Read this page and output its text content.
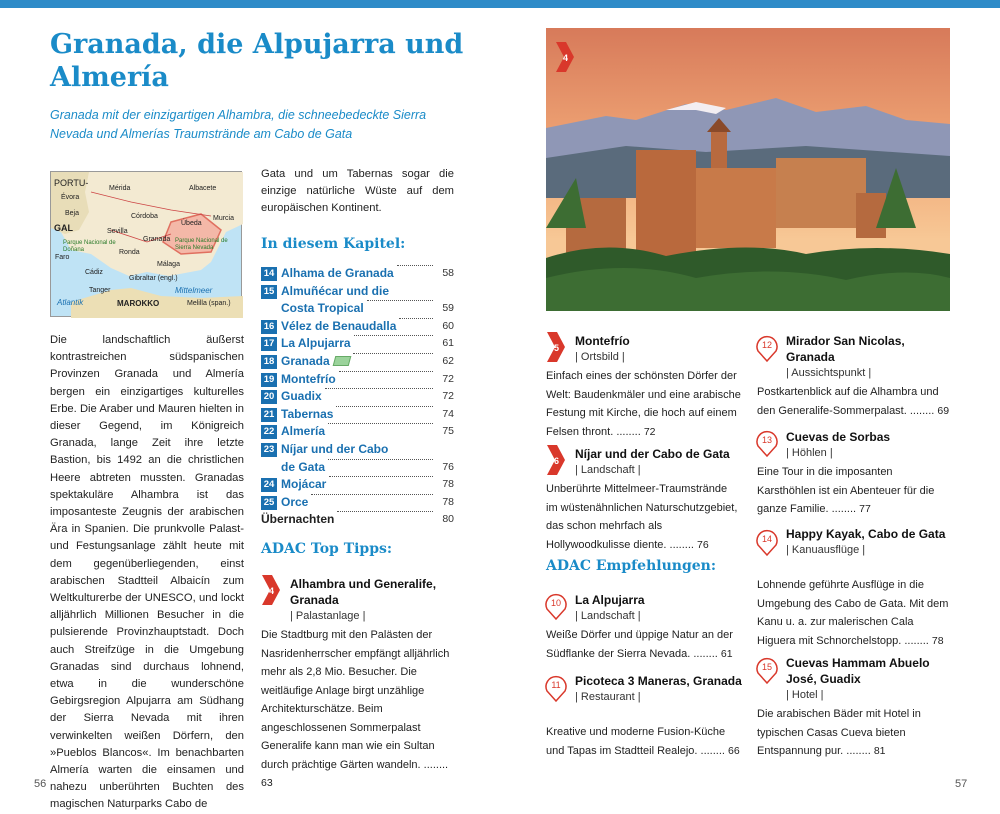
Granada, die Alpujarra und Almería

Granada mit der einzigartigen Alhambra, die schneebedeckte Sierra Nevada und Almerías Traumstrände am Cabo de Gata

PORTU-
Mérida	Albacete
Évora
Beja	Córdoba	Murcia
GAL	Sevilla
Úbeda
Parque Nacional de Doñana
Granada Parque Nacional de Sierra Nevada
Faro
Ronda
Cádiz
Málaga
Gibraltar (engl.)
Tanger	Mittelmeer
Atlantik	MAROKKO	Melilla (span.)

Die landschaftlich äußerst kontrastreichen südspanischen Provinzen Granada und Almería bergen ein einzigartiges kulturelles Erbe. Die Araber und Mauren hielten in dieser Gegend, im Königreich Granada, lange Zeit ihre letzte Bastion, bis 1492 an die christlichen Heere abtreten mussten. Granadas spektakuläre Alhambra ist das imposanteste Zeugnis der arabischen Ära in Spanien. Die prunkvolle Palast- und Festungsanlage zählt heute mit dem gegenüberliegenden, einst arabischen Stadtteil Albaicín zum Weltkulturerbe der UNESCO, und lockt alljährlich Millionen Besucher in die pulsierende Provinzhauptstadt. Doch auch Streifzüge in die Umgebung Granadas sind durchaus lohnend, etwa in die wunderschöne Gebirgsregion Alpujarra am Südhang der Sierra Nevada mit ihren verwinkelten weißen Dörfern, den »Pueblos Blancos«. Im benachbarten Almería warten die einsamen und nahezu unberührten Buchten des magischen Naturparks Cabo de

Gata und um Tabernas sogar die einzige natürliche Wüste auf dem europäischen Kontinent.

In diesem Kapitel:
14 Alhama de Granada	58
15 Almuñécar und die
Costa Tropical	59
16 Vélez de Benaudalla	60
17 La Alpujarra	61
18 Granada	62
19 Montefrío	72
20 Guadix	72
21 Tabernas	74
22 Almería	75
23 Níjar und der Cabo
de Gata	76
24 Mojácar	78
25 Orce	78
Übernachten	80
ADAC Top Tipps:
4 Alhambra und Generalife, Granada
| Palastanlage |
Die Stadtburg mit den Palästen der Nasridenherrscher empfängt alljährlich mehr als 2,8 Mio. Besucher. Die weitläufige Anlage birgt unzählige Architekturschätze. Beim angeschlossenen Sommerpalast Generalife kann man wie ein Sultan durch prächtige Gärten wandeln. ........ 63
4
5 Montefrío
| Ortsbild |
Einfach eines der schönsten Dörfer der Welt: Baudenkmäler und eine arabische Festung mit Kirche, die hoch auf einem Felsen thront. ........ 72
6 Níjar und der Cabo de Gata
| Landschaft |
Unberührte Mittelmeer-Traumstrände im wüstenähnlichen Naturschutzgebiet, das schon mehrfach als Hollywoodkulisse diente. ........ 76
ADAC Empfehlungen:
10 La Alpujarra
| Landschaft |
Weiße Dörfer und üppige Natur an der Südflanke der Sierra Nevada. ........ 61
11 Picoteca 3 Maneras, Granada
| Restaurant |
Kreative und moderne Fusion-Küche und Tapas im Stadtteil Realejo. ........ 66
12 Mirador San Nicolas, Granada
| Aussichtspunkt |
Postkartenblick auf die Alhambra und den Generalife-Sommerpalast. ........ 69
13 Cuevas de Sorbas
| Höhlen |
Eine Tour in die imposanten Karsthöhlen ist ein Abenteuer für die ganze Familie. ........ 77
14 Happy Kayak, Cabo de Gata
| Kanuausflüge |
Lohnende geführte Ausflüge in die Umgebung des Cabo de Gata. Mit dem Kanu u. a. zur malerischen Cala Higuera mit Schnorchelstopp. ........ 78
15 Cuevas Hammam Abuelo José, Guadix
| Hotel |
Die arabischen Bäder mit Hotel in typischen Casas Cueva bieten Entspannung pur. ........ 81
56	57
